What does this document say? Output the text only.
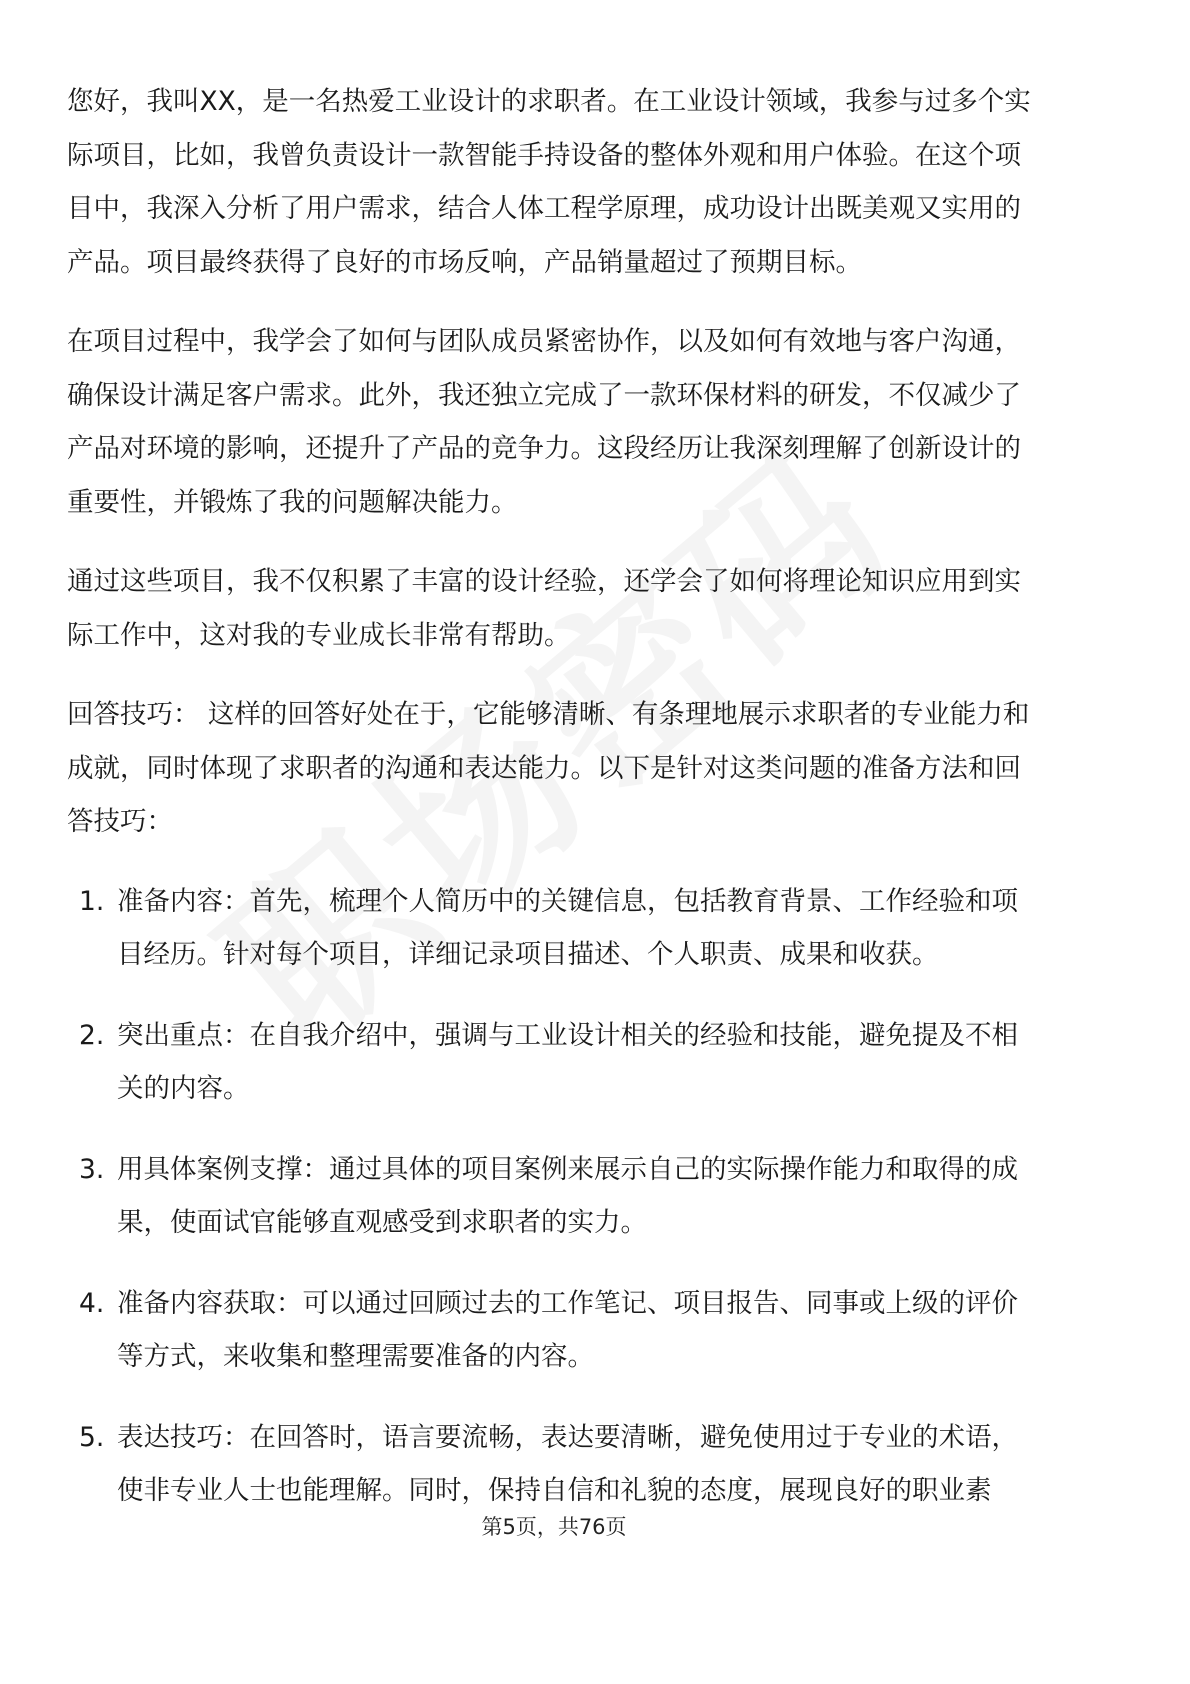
您好，我叫XX，是一名热爱工业设计的求职者。在工业设计领域，我参与过多个实际项目，比如，我曾负责设计一款智能手持设备的整体外观和用户体验。在这个项目中，我深入分析了用户需求，结合人体工程学原理，成功设计出既美观又实用的产品。项目最终获得了良好的市场反响，产品销量超过了预期目标。

在项目过程中，我学会了如何与团队成员紧密协作，以及如何有效地与客户沟通，确保设计满足客户需求。此外，我还独立完成了一款环保材料的研发，不仅减少了产品对环境的影响，还提升了产品的竞争力。这段经历让我深刻理解了创新设计的重要性，并锻炼了我的问题解决能力。

通过这些项目，我不仅积累了丰富的设计经验，还学会了如何将理论知识应用到实际工作中，这对我的专业成长非常有帮助。

回答技巧： 这样的回答好处在于，它能够清晰、有条理地展示求职者的专业能力和成就，同时体现了求职者的沟通和表达能力。以下是针对这类问题的准备方法和回答技巧：

1. 准备内容：首先，梳理个人简历中的关键信息，包括教育背景、工作经验和项目经历。针对每个项目，详细记录项目描述、个人职责、成果和收获。
2. 突出重点：在自我介绍中，强调与工业设计相关的经验和技能，避免提及不相关的内容。
3. 用具体案例支撑：通过具体的项目案例来展示自己的实际操作能力和取得的成果，使面试官能够直观感受到求职者的实力。
4. 准备内容获取：可以通过回顾过去的工作笔记、项目报告、同事或上级的评价等方式，来收集和整理需要准备的内容。
5. 表达技巧：在回答时，语言要流畅，表达要清晰，避免使用过于专业的术语，使非专业人士也能理解。同时，保持自信和礼貌的态度，展现良好的职业素
第5页，共76页
